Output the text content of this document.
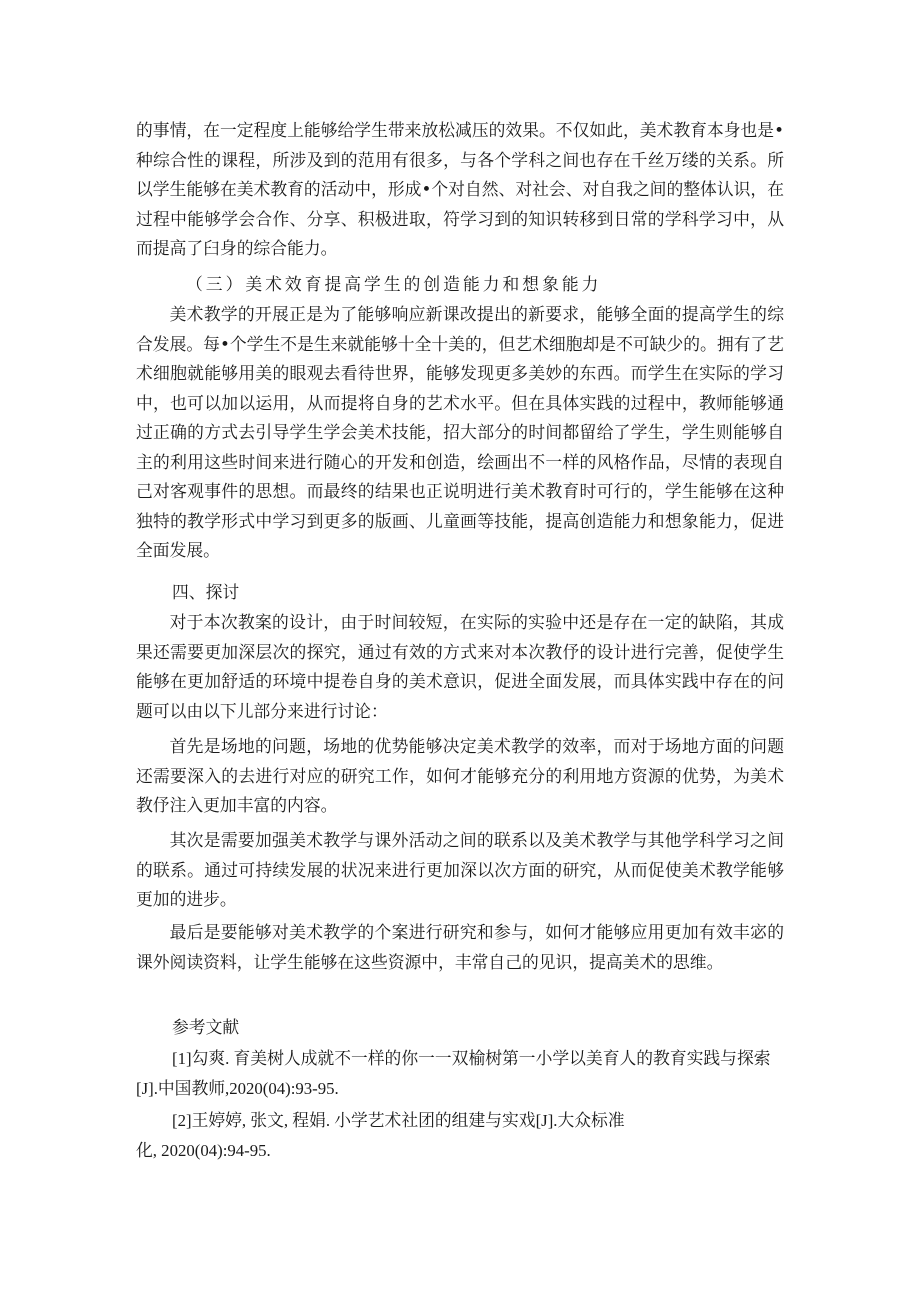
的事情，在一定程度上能够给学生带来放松减压的效果。不仅如此，美术教育本身也是•种综合性的课程，所涉及到的范用有很多，与各个学科之间也存在千丝万缕的关系。所以学生能够在美术教育的活动中，形成•个对自然、对社会、对自我之间的整体认识，在过程中能够学会合作、分享、积极进取，符学习到的知识转移到日常的学科学习中，从而提高了臼身的综合能力。

（三）美术效育提高学生的创造能力和想象能力

美术教学的开展正是为了能够响应新课改提出的新要求，能够全面的提高学生的综合发展。每•个学生不是生来就能够十全十美的，但艺术细胞却是不可缺少的。拥有了艺术细胞就能够用美的眼观去看待世界，能够发现更多美妙的东西。而学生在实际的学习中，也可以加以运用，从而提将自身的艺术水平。但在具体实践的过程中，教师能够通过正确的方式去引导学生学会美术技能，招大部分的时间都留给了学生，学生则能够自主的利用这些时间来进行随心的开发和创造，绘画出不一样的风格作品，尽情的表现自己对客观事件的思想。而最终的结果也正说明进行美术教育时可行的，学生能够在这种独特的教学形式中学习到更多的版画、儿童画等技能，提高创造能力和想象能力，促进全面发展。

四、探讨

对于本次教案的设计，由于时间较短，在实际的实验中还是存在一定的缺陷，其成果还需要更加深层次的探究，通过有效的方式来对本次教伃的设计进行完善，促使学生能够在更加舒适的环境中提卷自身的美术意识，促进全面发展，而具体实践中存在的问题可以由以下儿部分来进行讨论：

首先是场地的问题，场地的优势能够决定美术教学的效率，而对于场地方面的问题还需要深入的去进行对应的研究工作，如何才能够充分的利用地方资源的优势，为美术教伃注入更加丰富的内容。

其次是需要加强美术教学与课外活动之间的联系以及美术教学与其他学科学习之间的联系。通过可持续发展的状况来进行更加深以次方面的研究，从而促使美术教学能够更加的进步。

最后是要能够对美术教学的个案进行研究和参与，如何才能够应用更加有效丰宓的课外阅读资料，让学生能够在这些资源中，丰常自己的见识，提高美术的思维。

参考文献

[1]勾爽. 育美树人成就不一样的你一一双榆树第一小学以美育人的教育实践与探索
[J].中国教师,2020(04):93-95.
[2]王婷婷, 张文, 程娟. 小学艺术社团的组建与实戏[J].大众标准
化, 2020(04):94-95.
